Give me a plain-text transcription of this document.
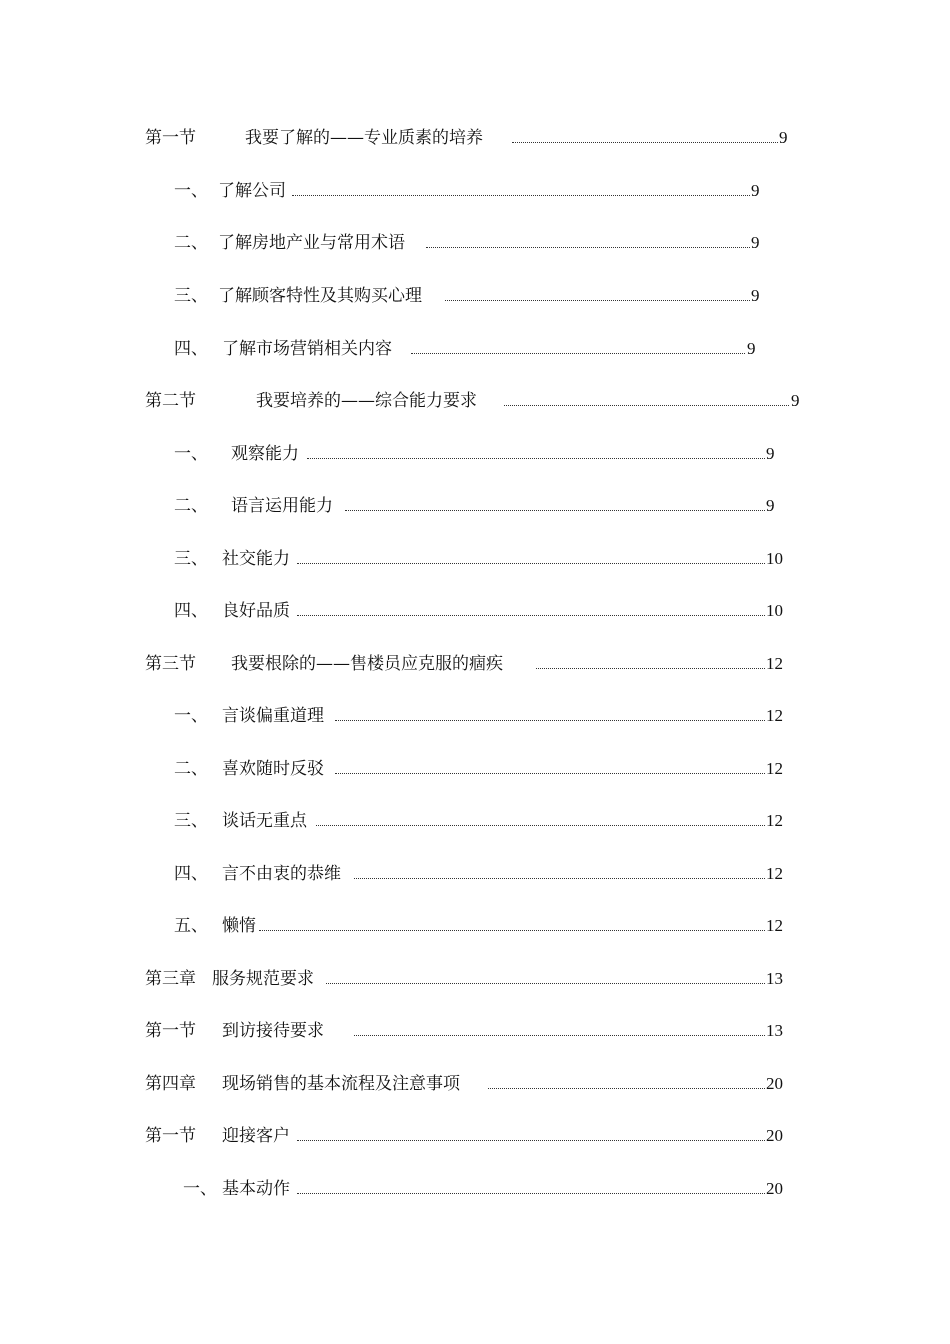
第一节	我要了解的——专业质素的培养	9
一、 了解公司	9
二、 了解房地产业与常用术语	9
三、 了解顾客特性及其购买心理	9
四、 了解市场营销相关内容	9
第二节	我要培养的——综合能力要求	9
一、 观察能力	9
二、 语言运用能力	9
三、 社交能力	10
四、 良好品质	10
第三节 我要根除的——售楼员应克服的痼疾	12
一、 言谈偏重道理	12
二、 喜欢随时反驳	12
三、 谈话无重点	12
四、 言不由衷的恭维	12
五、 懒惰	12
第三章 服务规范要求	13
第一节 到访接待要求	13
第四章 现场销售的基本流程及注意事项	20
第一节 迎接客户	20
一、 基本动作	20
